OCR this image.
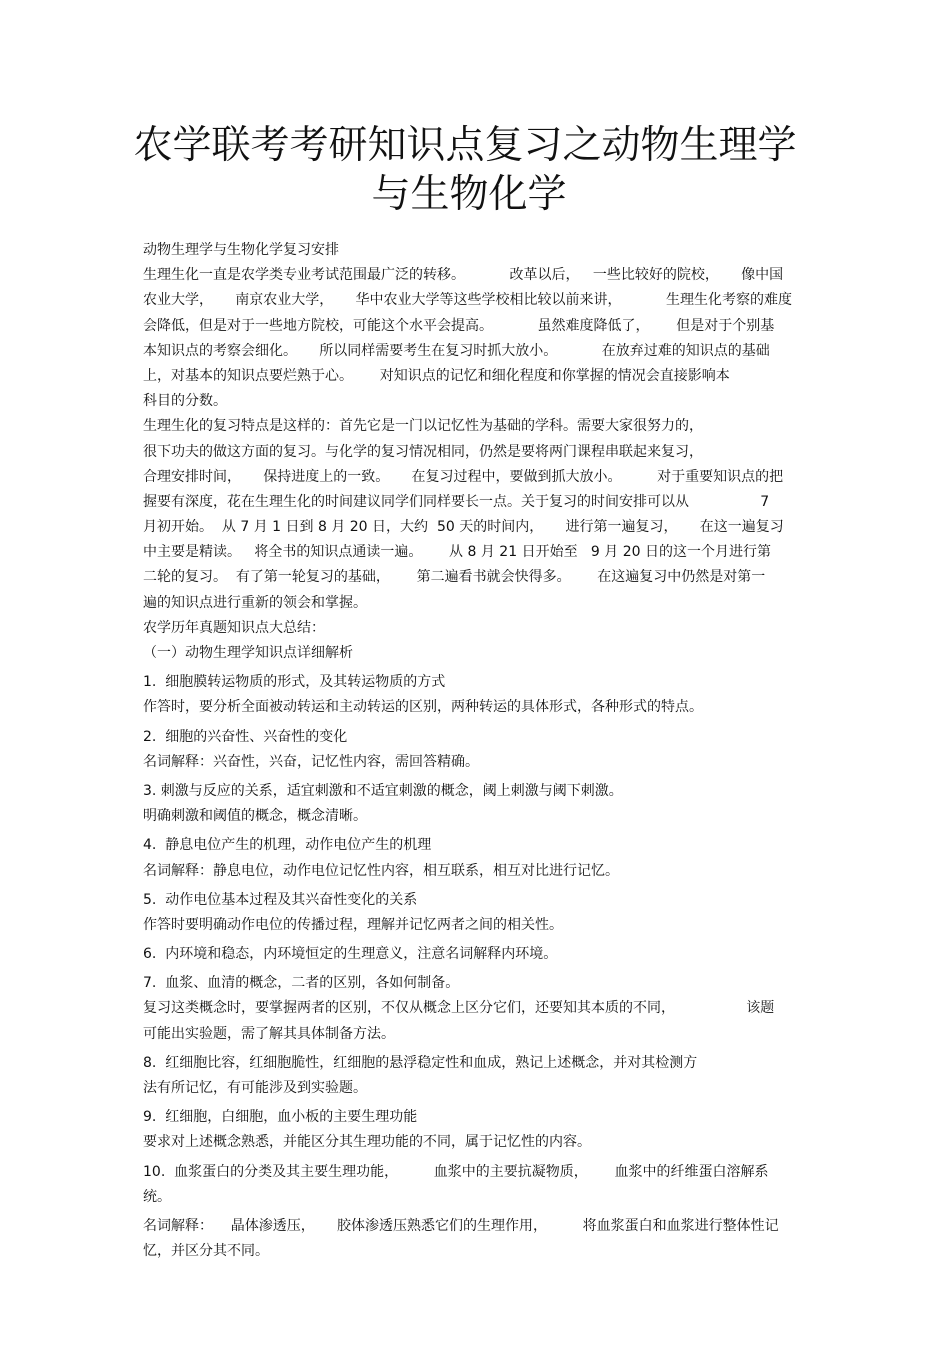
农学联考考研知识点复习之动物生理学
与生物化学

动物生理学与生物化学复习安排

生理生化一直是农学类专业考试范围最广泛的转移。          改革以后，   一些比较好的院校，     像中国

农业大学，     南京农业大学，     华中农业大学等这些学校相比较以前来讲，          生理生化考察的难度

会降低，但是对于一些地方院校，可能这个水平会提高。          虽然难度降低了，      但是对于个别基

本知识点的考察会细化。     所以同样需要考生在复习时抓大放小。          在放弃过难的知识点的基础

上，对基本的知识点要烂熟于心。      对知识点的记忆和细化程度和你掌握的情况会直接影响本

科目的分数。

生理生化的复习特点是这样的：首先它是一门以记忆性为基础的学科。需要大家很努力的，

很下功夫的做这方面的复习。与化学的复习情况相同，仍然是要将两门课程串联起来复习，

合理安排时间，     保持进度上的一致。     在复习过程中，要做到抓大放小。        对于重要知识点的把

握要有深度，花在生理生化的时间建议同学们同样要长一点。关于复习的时间安排可以从                7

月初开始。  从 7 月 1 日到 8 月 20 日，大约  50 天的时间内，     进行第一遍复习，     在这一遍复习

中主要是精读。   将全书的知识点通读一遍。      从 8 月 21 日开始至   9 月 20 日的这一个月进行第

二轮的复习。  有了第一轮复习的基础，      第二遍看书就会快得多。      在这遍复习中仍然是对第一

遍的知识点进行重新的领会和掌握。

农学历年真题知识点大总结：

（一）动物生理学知识点详细解析

1.  细胞膜转运物质的形式，及其转运物质的方式

作答时，要分析全面被动转运和主动转运的区别，两种转运的具体形式，各种形式的特点。

2.  细胞的兴奋性、兴奋性的变化

名词解释：兴奋性，兴奋，记忆性内容，需回答精确。

3. 刺激与反应的关系，适宜刺激和不适宜刺激的概念，阈上刺激与阈下刺激。

明确刺激和阈值的概念，概念清晰。

4.  静息电位产生的机理，动作电位产生的机理

名词解释：静息电位，动作电位记忆性内容，相互联系，相互对比进行记忆。

5.  动作电位基本过程及其兴奋性变化的关系

作答时要明确动作电位的传播过程，理解并记忆两者之间的相关性。

6.  内环境和稳态，内环境恒定的生理意义，注意名词解释内环境。

7.  血浆、血清的概念，二者的区别，各如何制备。

复习这类概念时，要掌握两者的区别，不仅从概念上区分它们，还要知其本质的不同，                该题

可能出实验题，需了解其具体制备方法。

8.  红细胞比容，红细胞脆性，红细胞的悬浮稳定性和血成，熟记上述概念，并对其检测方

法有所记忆，有可能涉及到实验题。

9.  红细胞，白细胞，血小板的主要生理功能

要求对上述概念熟悉，并能区分其生理功能的不同，属于记忆性的内容。

10.  血浆蛋白的分类及其主要生理功能，        血浆中的主要抗凝物质，      血浆中的纤维蛋白溶解系

统。

名词解释：    晶体渗透压，     胶体渗透压熟悉它们的生理作用，        将血浆蛋白和血浆进行整体性记

忆，并区分其不同。
